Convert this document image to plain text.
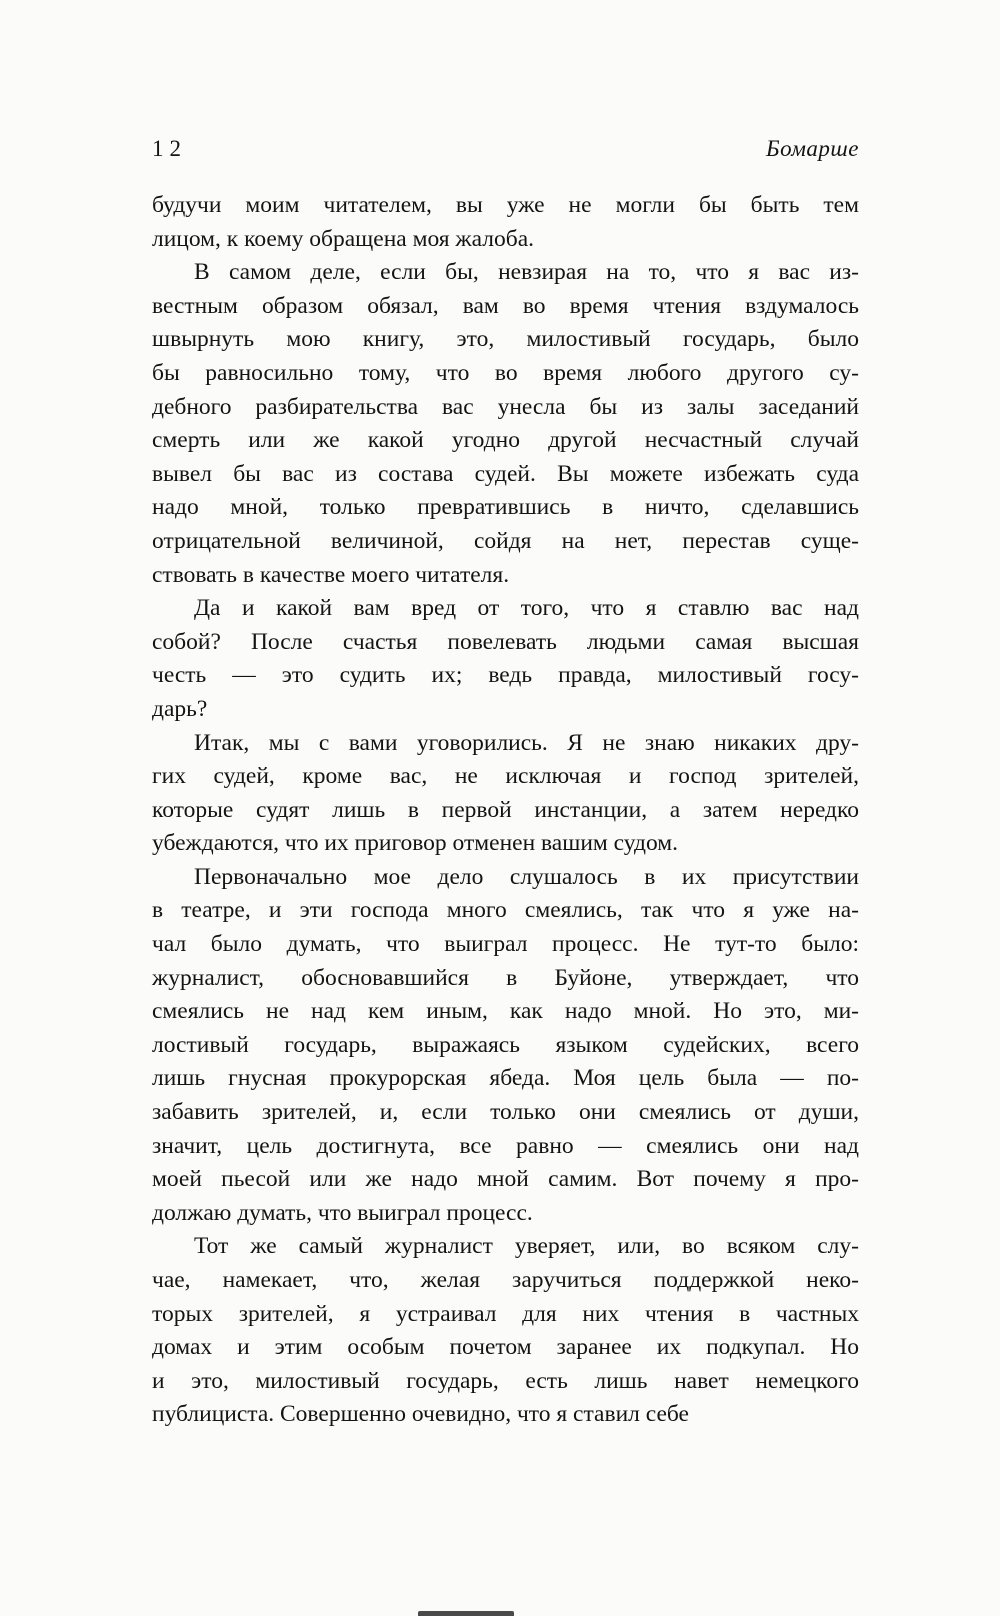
12	Бомарше
будучи моим читателем, вы уже не могли бы быть тем
лицом, к коему обращена моя жалоба.
В самом деле, если бы, невзирая на то, что я вас из-
вестным образом обязал, вам во время чтения вздумалось
швырнуть мою книгу, это, милостивый государь, было
бы равносильно тому, что во время любого другого су-
дебного разбирательства вас унесла бы из залы заседаний
смерть или же какой угодно другой несчастный случай
вывел бы вас из состава судей. Вы можете избежать суда
надо мной, только превратившись в ничто, сделавшись
отрицательной величиной, сойдя на нет, перестав суще-
ствовать в качестве моего читателя.
Да и какой вам вред от того, что я ставлю вас над
собой? После счастья повелевать людьми самая высшая
честь — это судить их; ведь правда, милостивый госу-
дарь?
Итак, мы с вами уговорились. Я не знаю никаких дру-
гих судей, кроме вас, не исключая и господ зрителей,
которые судят лишь в первой инстанции, а затем нередко
убеждаются, что их приговор отменен вашим судом.
Первоначально мое дело слушалось в их присутствии
в театре, и эти господа много смеялись, так что я уже на-
чал было думать, что выиграл процесс. Не тут-то было:
журналист, обосновавшийся в Буйоне, утверждает, что
смеялись не над кем иным, как надо мной. Но это, ми-
лостивый государь, выражаясь языком судейских, всего
лишь гнусная прокурорская ябеда. Моя цель была — по-
забавить зрителей, и, если только они смеялись от души,
значит, цель достигнута, все равно — смеялись они над
моей пьесой или же надо мной самим. Вот почему я про-
должаю думать, что выиграл процесс.
Тот же самый журналист уверяет, или, во всяком слу-
чае, намекает, что, желая заручиться поддержкой неко-
торых зрителей, я устраивал для них чтения в частных
домах и этим особым почетом заранее их подкупал. Но
и это, милостивый государь, есть лишь навет немецкого
публициста. Совершенно очевидно, что я ставил себе
